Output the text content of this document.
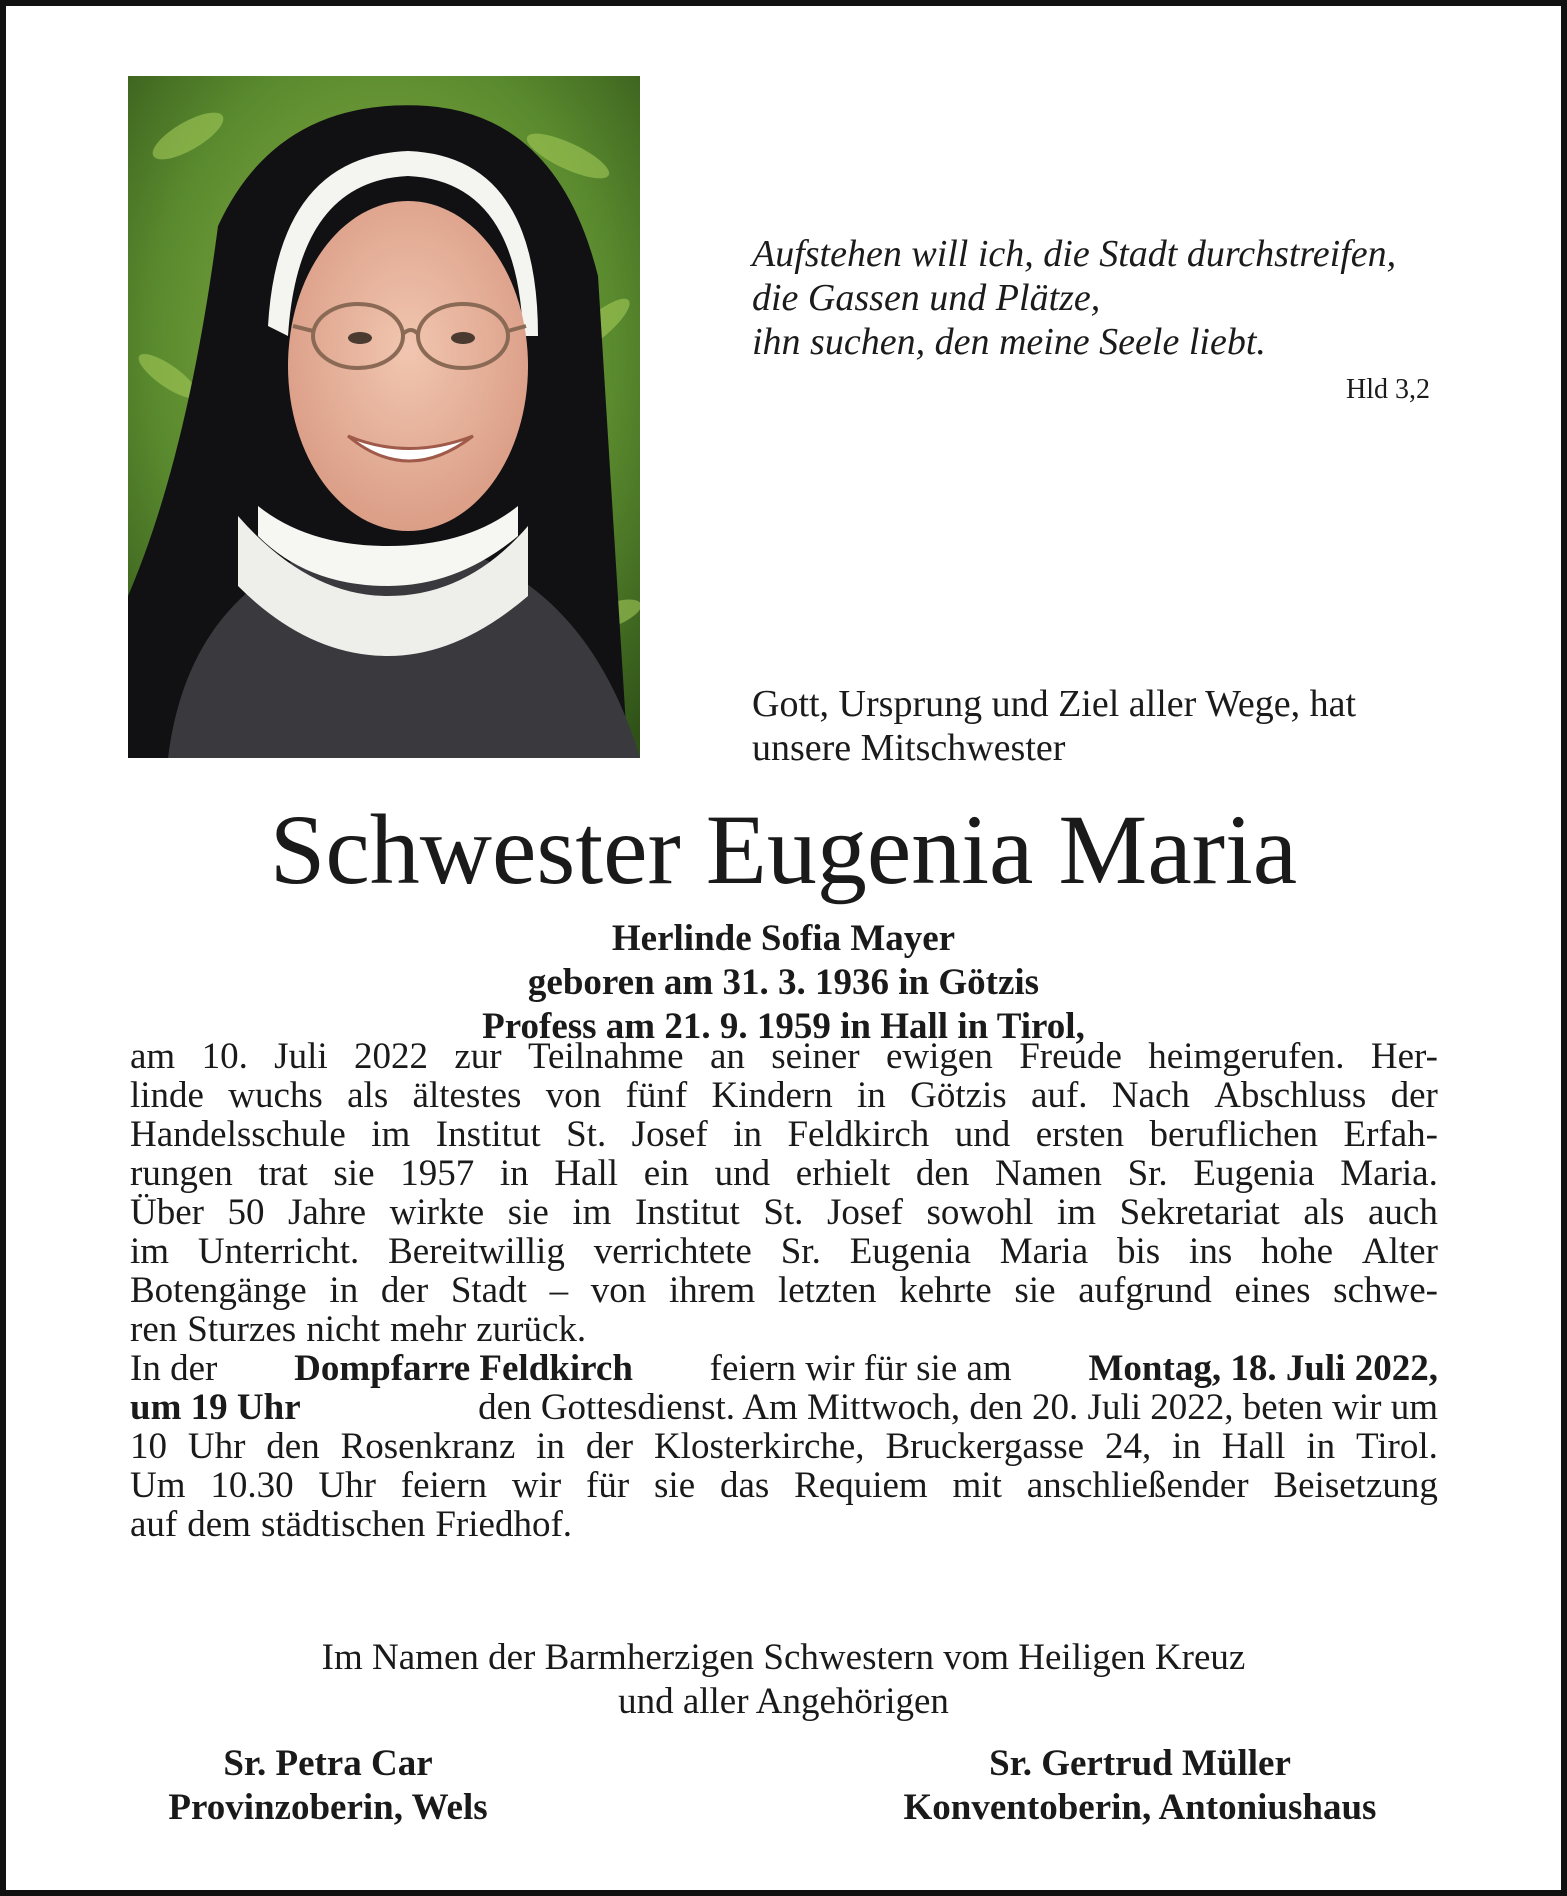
Aufstehen will ich, die Stadt durchstreifen,
die Gassen und Plätze,
ihn suchen, den meine Seele liebt.
Hld 3,2
Gott, Ursprung und Ziel aller Wege, hat
unsere Mitschwester
Schwester Eugenia Maria
Herlinde Sofia Mayer
geboren am 31. 3. 1936 in Götzis
Profess am 21. 9. 1959 in Hall in Tirol,
am 10. Juli 2022 zur Teilnahme an seiner ewigen Freude heimgerufen. Her-
linde wuchs als ältestes von fünf Kindern in Götzis auf. Nach Abschluss der
Handelsschule im Institut St. Josef in Feldkirch und ersten beruflichen Erfah-
rungen trat sie 1957 in Hall ein und erhielt den Namen Sr. Eugenia Maria.
Über 50 Jahre wirkte sie im Institut St. Josef sowohl im Sekretariat als auch
im Unterricht. Bereitwillig verrichtete Sr. Eugenia Maria bis ins hohe Alter
Botengänge in der Stadt – von ihrem letzten kehrte sie aufgrund eines schwe-
ren Sturzes nicht mehr zurück.
In der Dompfarre Feldkirch feiern wir für sie am Montag, 18. Juli 2022,
um 19 Uhr	den Gottesdienst. Am Mittwoch, den 20. Juli 2022, beten wir um
10 Uhr den Rosenkranz in der Klosterkirche, Bruckergasse 24, in Hall in Tirol.
Um 10.30 Uhr feiern wir für sie das Requiem mit anschließender Beisetzung
auf dem städtischen Friedhof.
Im Namen der Barmherzigen Schwestern vom Heiligen Kreuz
und aller Angehörigen
Sr. Petra Car
Provinzoberin, Wels
Sr. Gertrud Müller
Konventoberin, Antoniushaus
